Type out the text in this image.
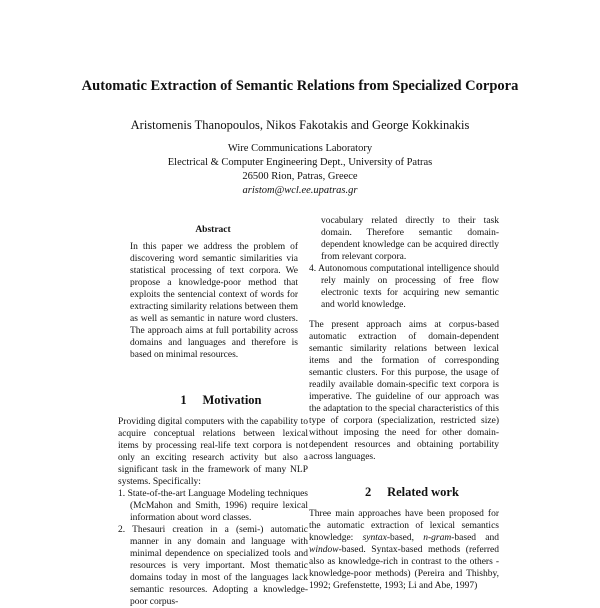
Automatic Extraction of Semantic Relations from Specialized Corpora
Aristomenis Thanopoulos, Nikos Fakotakis and George Kokkinakis
Wire Communications Laboratory
Electrical & Computer Engineering Dept., University of Patras
26500 Rion, Patras, Greece
aristom@wcl.ee.upatras.gr
Abstract
In this paper we address the problem of discovering word semantic similarities via statistical processing of text corpora. We propose a knowledge-poor method that exploits the sentencial context of words for extracting similarity relations between them as well as semantic in nature word clusters. The approach aims at full portability across domains and languages and therefore is based on minimal resources.
1 Motivation

Providing digital computers with the capability to acquire conceptual relations between lexical items by processing real-life text corpora is not only an exciting research activity but also a significant task in the framework of many NLP systems. Specifically:

1. State-of-the-art Language Modeling techniques (McMahon and Smith, 1996) require lexical information about word classes.

2. Thesauri creation in a (semi-) automatic manner in any domain and language with minimal dependence on specialized tools and resources is very important. Most thematic domains today in most of the languages lack semantic resources. Adopting a knowledge-poor corpus-

vocabulary related directly to their task domain. Therefore semantic domain-dependent knowledge can be acquired directly from relevant corpora.

4. Autonomous computational intelligence should rely mainly on processing of free flow electronic texts for acquiring new semantic and world knowledge.

The present approach aims at corpus-based automatic extraction of domain-dependent semantic similarity relations between lexical items and the formation of corresponding semantic clusters. For this purpose, the usage of readily available domain-specific text corpora is imperative. The guideline of our approach was the adaptation to the special characteristics of this type of corpora (specialization, restricted size) without imposing the need for other domain-dependent resources and obtaining portability across languages.

2 Related work

Three main approaches have been proposed for the automatic extraction of lexical semantics knowledge: syntax-based, n-gram-based and window-based. Syntax-based methods (referred also as knowledge-rich in contrast to the others - knowledge-poor methods) (Pereira and Thishby, 1992; Grefenstette, 1993; Li and Abe, 1997)
